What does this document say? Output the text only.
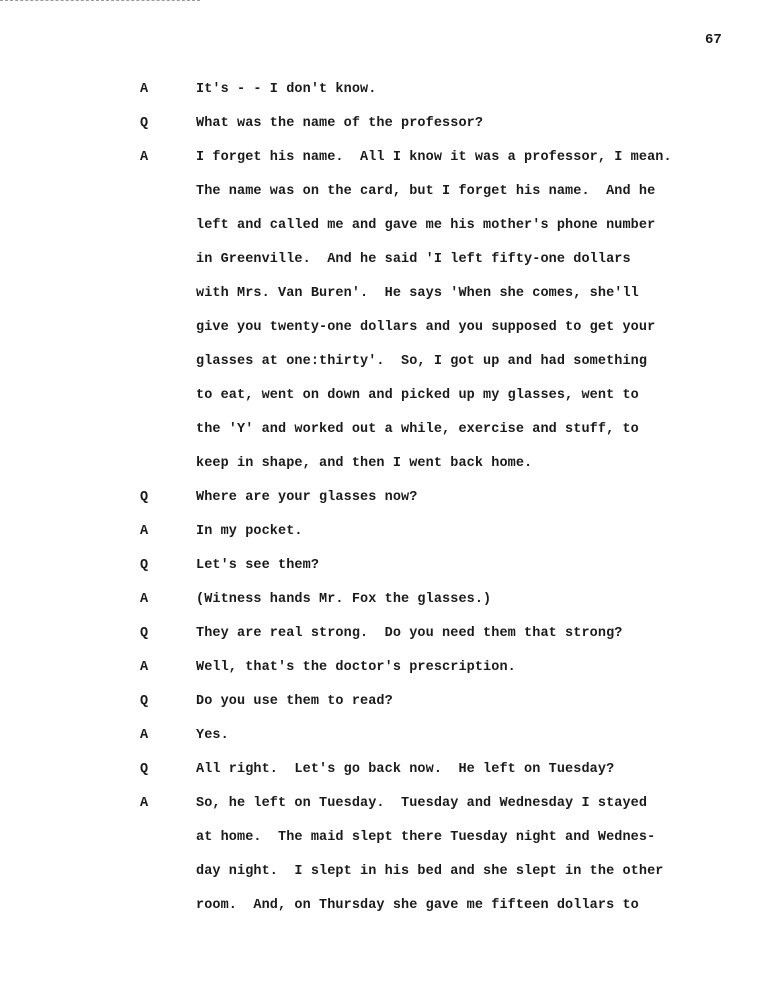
67
A	It's - - I don't know.
Q	What was the name of the professor?
A	I forget his name.  All I know it was a professor, I mean.
The name was on the card, but I forget his name.  And he
left and called me and gave me his mother's phone number
in Greenville.  And he said 'I left fifty-one dollars
with Mrs. Van Buren'.  He says 'When she comes, she'll
give you twenty-one dollars and you supposed to get your
glasses at one:thirty'.  So, I got up and had something
to eat, went on down and picked up my glasses, went to
the 'Y' and worked out a while, exercise and stuff, to
keep in shape, and then I went back home.
Q	Where are your glasses now?
A	In my pocket.
Q	Let's see them?
A	(Witness hands Mr. Fox the glasses.)
Q	They are real strong.  Do you need them that strong?
A	Well, that's the doctor's prescription.
Q	Do you use them to read?
A	Yes.
Q	All right.  Let's go back now.  He left on Tuesday?
A	So, he left on Tuesday.  Tuesday and Wednesday I stayed
at home.  The maid slept there Tuesday night and Wednes-
day night.  I slept in his bed and she slept in the other
room.  And, on Thursday she gave me fifteen dollars to
